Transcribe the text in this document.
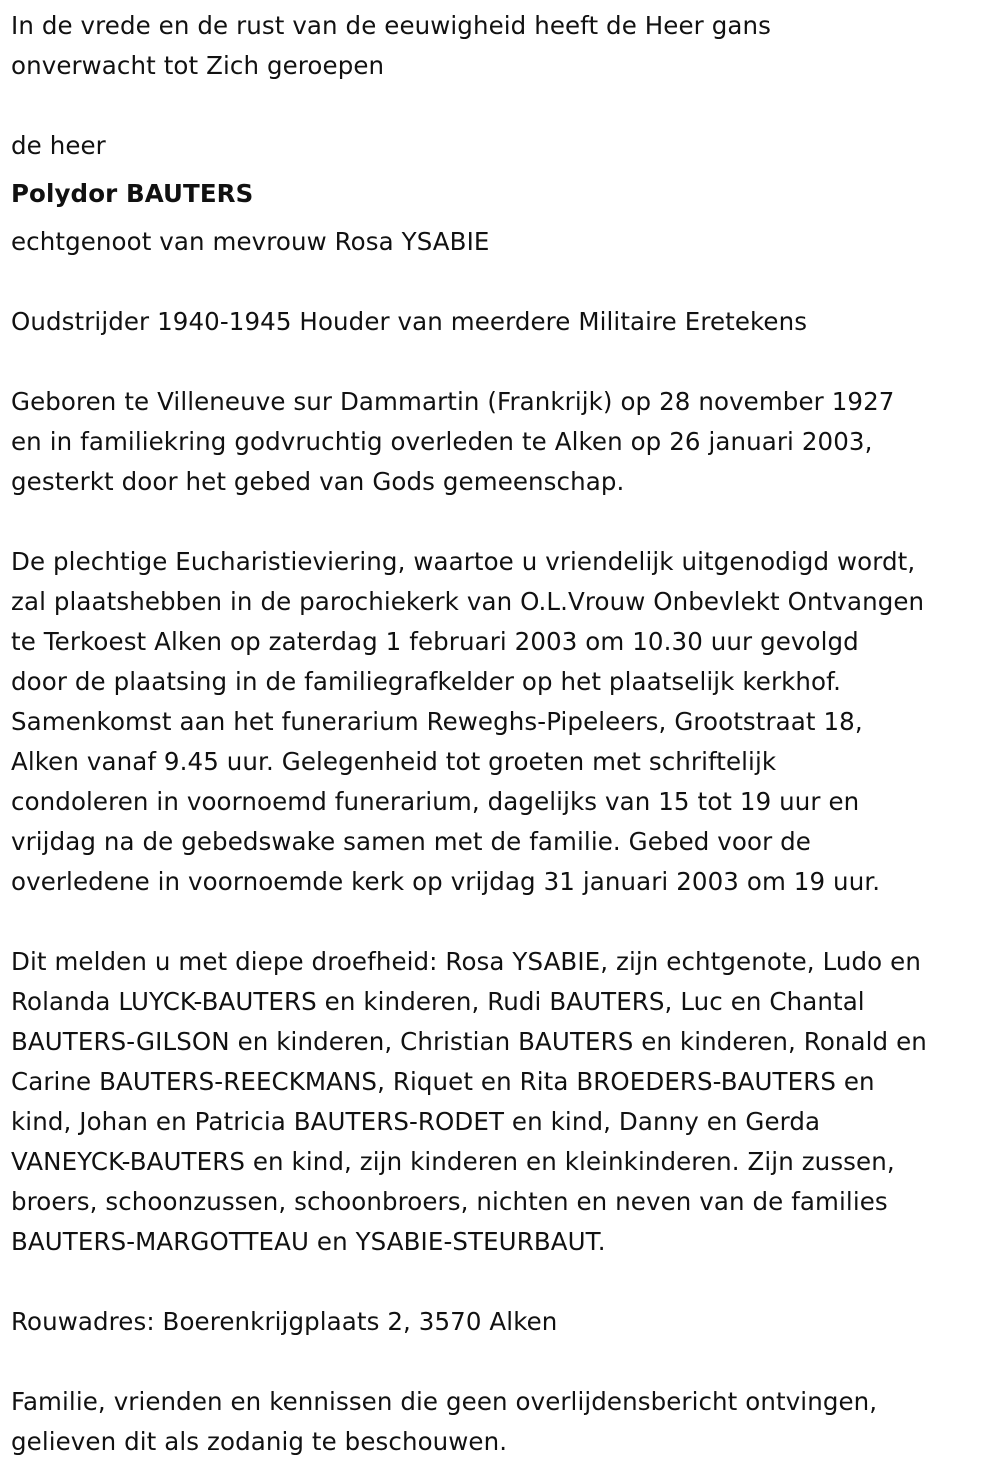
In de vrede en de rust van de eeuwigheid heeft de Heer gans

onverwacht tot Zich geroepen

de heer

Polydor BAUTERS

echtgenoot van mevrouw Rosa YSABIE

Oudstrijder 1940-1945 Houder van meerdere Militaire Eretekens

Geboren te Villeneuve sur Dammartin (Frankrijk) op 28 november 1927

en in familiekring godvruchtig overleden te Alken op 26 januari 2003,

gesterkt door het gebed van Gods gemeenschap.

De plechtige Eucharistieviering, waartoe u vriendelijk uitgenodigd wordt,

zal plaatshebben in de parochiekerk van O.L.Vrouw Onbevlekt Ontvangen

te Terkoest Alken op zaterdag 1 februari 2003 om 10.30 uur gevolgd

door de plaatsing in de familiegrafkelder op het plaatselijk kerkhof.

Samenkomst aan het funerarium Reweghs-Pipeleers, Grootstraat 18,

Alken vanaf 9.45 uur. Gelegenheid tot groeten met schriftelijk

condoleren in voornoemd funerarium, dagelijks van 15 tot 19 uur en

vrijdag na de gebedswake samen met de familie. Gebed voor de

overledene in voornoemde kerk op vrijdag 31 januari 2003 om 19 uur.

Dit melden u met diepe droefheid: Rosa YSABIE, zijn echtgenote, Ludo en

Rolanda LUYCK-BAUTERS en kinderen, Rudi BAUTERS, Luc en Chantal

BAUTERS-GILSON en kinderen, Christian BAUTERS en kinderen, Ronald en

Carine BAUTERS-REECKMANS, Riquet en Rita BROEDERS-BAUTERS en

kind, Johan en Patricia BAUTERS-RODET en kind, Danny en Gerda

VANEYCK-BAUTERS en kind, zijn kinderen en kleinkinderen. Zijn zussen,

broers, schoonzussen, schoonbroers, nichten en neven van de families

BAUTERS-MARGOTTEAU en YSABIE-STEURBAUT.

Rouwadres: Boerenkrijgplaats 2, 3570 Alken

Familie, vrienden en kennissen die geen overlijdensbericht ontvingen,

gelieven dit als zodanig te beschouwen.
